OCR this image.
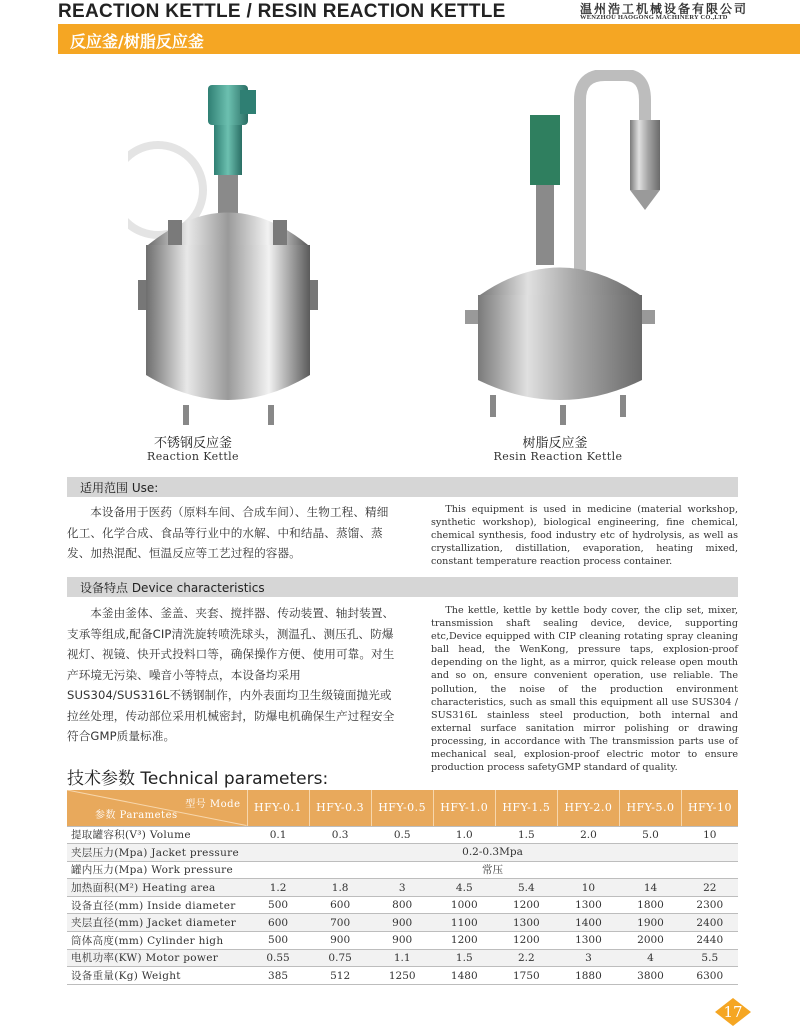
REACTION KETTLE / RESIN REACTION KETTLE	温州浩工机械设备有限公司
WENZHOU HAOGONG MACHINERY CO.,LTD
反应釜/树脂反应釜
不锈钢反应釜
Reaction Kettle
树脂反应釜
Resin Reaction Kettle
适用范围 Use:
本设备用于医药（原料车间、合成车间）、生物工程、精细化工、化学合成、食品等行业中的水解、中和结晶、蒸馏、蒸发、加热混配、恒温反应等工艺过程的容器。
This equipment is used in medicine (material workshop, synthetic workshop), biological engineering, fine chemical, chemical synthesis, food industry etc of hydrolysis, as well as crystallization, distillation, evaporation, heating mixed, constant temperature reaction process container.
设备特点 Device characteristics
本釜由釜体、釜盖、夹套、搅拌器、传动装置、轴封装置、支承等组成,配备CIP清洗旋转喷洗球头，测温孔、测压孔、防爆视灯、视镜、快开式投料口等，确保操作方便、使用可靠。对生产环境无污染、噪音小等特点，本设备均采用SUS304/SUS316L不锈钢制作，内外表面均卫生级镜面抛光或拉丝处理，传动部位采用机械密封，防爆电机确保生产过程安全符合GMP质量标准。
The kettle, kettle by kettle body cover, the clip set, mixer, transmission shaft sealing device, device, supporting etc,Device equipped with CIP cleaning rotating spray cleaning ball head, the WenKong, pressure taps, explosion-proof depending on the light, as a mirror, quick release open mouth and so on, ensure convenient operation, use reliable. The pollution, the noise of the production environment characteristics, such as small this equipment all use SUS304 / SUS316L stainless steel production, both internal and external surface sanitation mirror polishing or drawing processing, in accordance with The transmission parts use of mechanical seal, explosion-proof electric motor to ensure production process safetyGMP standard of quality.
技术参数 Technical parameters:
型号 Mode
参数 Parametes	HFY-0.1	HFY-0.3	HFY-0.5	HFY-1.0	HFY-1.5	HFY-2.0	HFY-5.0	HFY-10
提取罐容积(V³) Volume	0.1	0.3	0.5	1.0	1.5	2.0	5.0	10
夹层压力(Mpa) Jacket pressure	0.2-0.3Mpa							
罐内压力(Mpa) Work pressure	常压							
加热面积(M²) Heating area	1.2	1.8	3	4.5	5.4	10	14	22
设备直径(mm) Inside diameter	500	600	800	1000	1200	1300	1800	2300
夹层直径(mm) Jacket diameter	600	700	900	1100	1300	1400	1900	2400
筒体高度(mm) Cylinder high	500	900	900	1200	1200	1300	2000	2440
电机功率(KW) Motor power	0.55	0.75	1.1	1.5	2.2	3	4	5.5
设备重量(Kg) Weight	385	512	1250	1480	1750	1880	3800	6300
17
